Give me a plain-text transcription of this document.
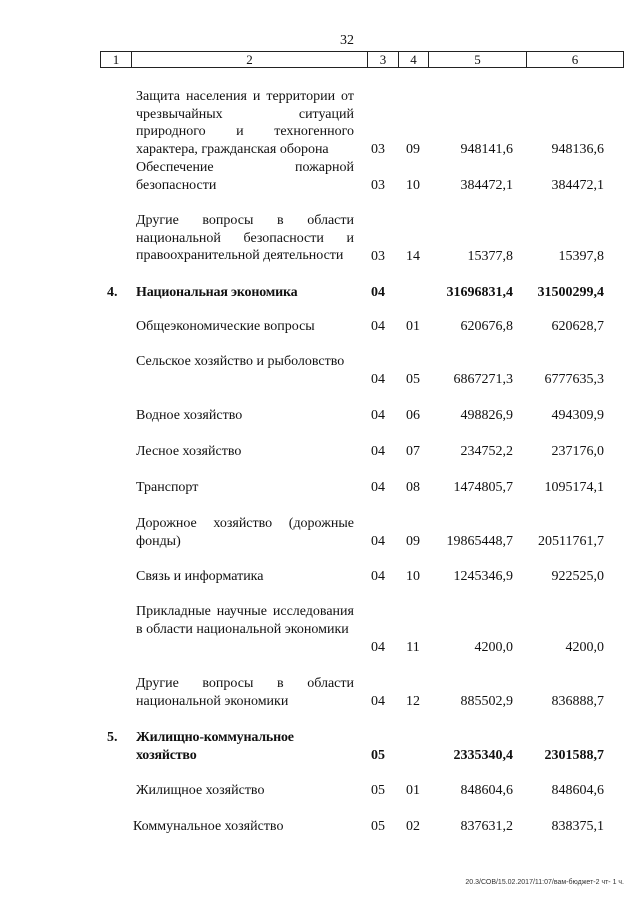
32
1	2	3	4	5	6
Защита населения и территории от чрезвычайных ситуаций природного и техногенного характера, гражданская оборона	03 09	948141,6	948136,6
Обеспечение пожарной безопасности	03 10	384472,1	384472,1
Другие вопросы в области национальной безопасности и правоохранительной деятельности	03 14	15377,8	15397,8
4. Национальная экономика	04	31696831,4 31500299,4
Общеэкономические вопросы	04 01	620676,8	620628,7
Сельское хозяйство и рыболовство
04 05 6867271,3 6777635,3
Водное хозяйство	04 06	498826,9	494309,9
Лесное хозяйство	04 07	234752,2	237176,0
Транспорт	04 08 1474805,7 1095174,1
Дорожное хозяйство (дорожные фонды)	04 09 19865448,7 20511761,7
Связь и информатика	04 10 1245346,9	922525,0
Прикладные научные исследования в области национальной экономики
04	11	4200,0	4200,0
Другие вопросы в области национальной экономики	04 12	885502,9	836888,7
5. Жилищно-коммунальное хозяйство	05	2335340,4 2301588,7
Жилищное хозяйство	05 01	848604,6	848604,6
Коммунальное хозяйство	05 02	837631,2	838375,1
20.3/СОВ/15.02.2017/11:07/вам-бюджет-2 чт- 1 ч.
